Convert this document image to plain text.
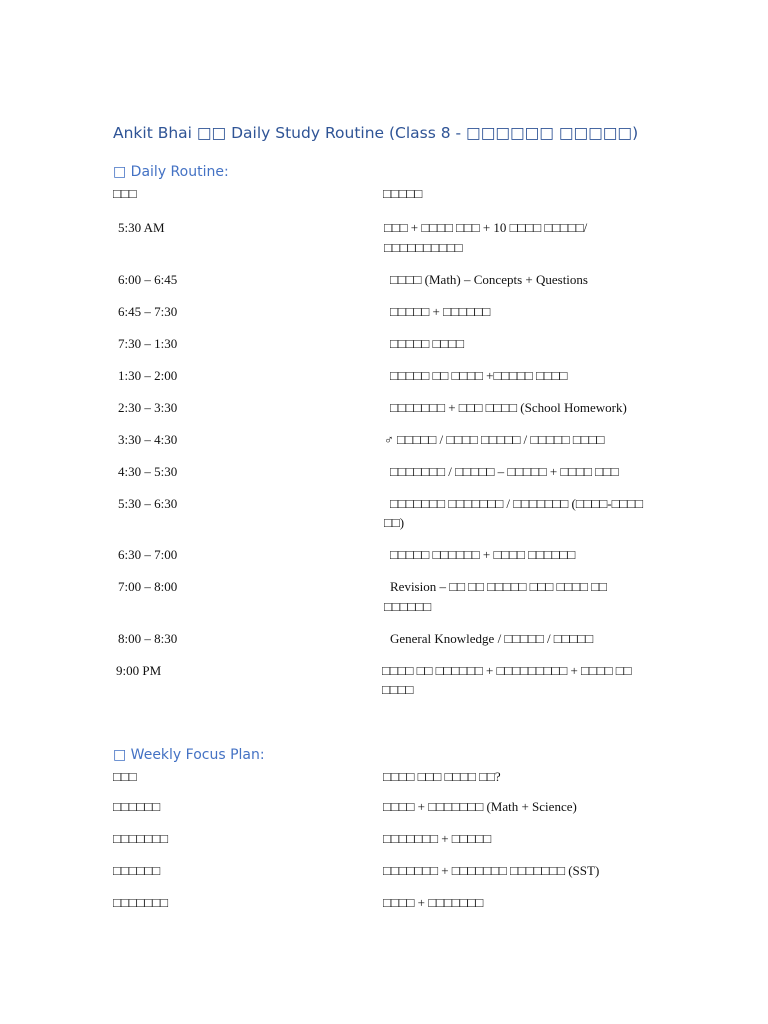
Ankit Bhai □□ Daily Study Routine (Class 8 - □□□□□□ □□□□□)
□ Daily Routine:
□□□	□□□□□
5:30 AM	□□□ + □□□□ □□□ + 10 □□□□ □□□□□/□□□□□□□□□□
6:00 – 6:45	□□□□ (Math) – Concepts + Questions
6:45 – 7:30	□□□□□ + □□□□□□
7:30 – 1:30	□□□□□ □□□□
1:30 – 2:00	□□□□□ □□ □□□□ +□□□□□ □□□□
2:30 – 3:30	□□□□□□□ + □□□ □□□□ (School Homework)
3:30 – 4:30	♂ □□□□□ / □□□□ □□□□□ / □□□□□ □□□□
4:30 – 5:30	□□□□□□□ / □□□□□ – □□□□□ + □□□□ □□□
5:30 – 6:30	□□□□□□□ □□□□□□□ / □□□□□□□ (□□□□-□□□□ □□)
6:30 – 7:00	□□□□□ □□□□□□ + □□□□ □□□□□□
7:00 – 8:00	Revision – □□ □□ □□□□□ □□□ □□□□ □□ □□□□□□
8:00 – 8:30	General Knowledge / □□□□□ / □□□□□
9:00 PM	□□□□ □□ □□□□□□ + □□□□□□□□□ + □□□□ □□ □□□□
□ Weekly Focus Plan:
□□□	□□□□ □□□ □□□□ □□?
□□□□□□	□□□□ + □□□□□□□ (Math + Science)
□□□□□□□	□□□□□□□ + □□□□□
□□□□□□	□□□□□□□ + □□□□□□□ □□□□□□□ (SST)
□□□□□□□	□□□□ + □□□□□□□
